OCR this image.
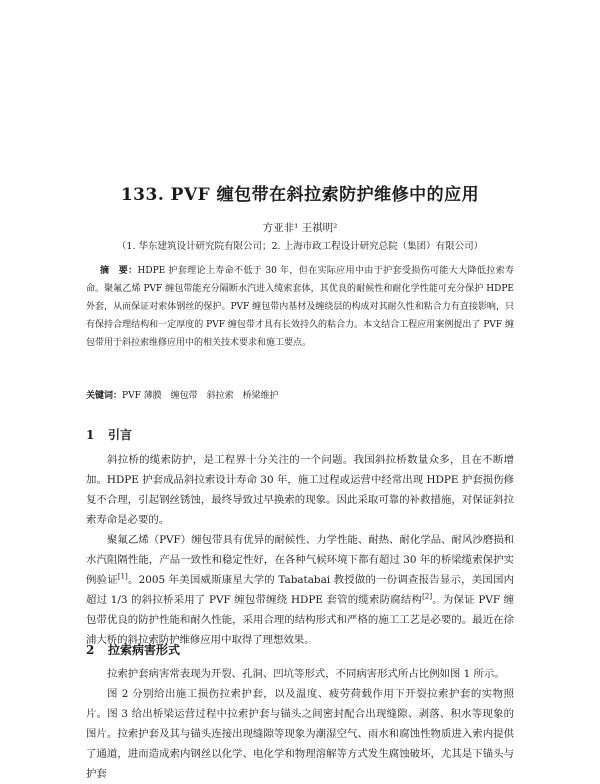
133. PVF 缠包带在斜拉索防护维修中的应用
方亚非¹ 王祺明²
（1. 华东建筑设计研究院有限公司；2. 上海市政工程设计研究总院（集团）有限公司）
摘　要：HDPE 护套理论上寿命不低于 30 年，但在实际应用中由于护套受损伤可能大大降低拉索寿命。聚氟乙烯 PVF 缠包带能充分隔断水汽进入缆索套体，其优良的耐候性和耐化学性能可充分保护 HDPE 外套，从而保证对索体钢丝的保护。PVF 缠包带内基材及缠绕层的构成对其耐久性和粘合力有直接影响，只有保持合理结构和一定厚度的 PVF 缠包带才具有长效持久的粘合力。本文结合工程应用案例提出了 PVF 缠包带用于斜拉索维修应用中的相关技术要求和施工要点。
关键词：PVF 薄膜　缠包带　斜拉索　桥梁维护
1 引言

斜拉桥的缆索防护，是工程界十分关注的一个问题。我国斜拉桥数量众多，且在不断增加。HDPE 护套成品斜拉索设计寿命 30 年，施工过程或运营中经常出现 HDPE 护套损伤修复不合理，引起钢丝锈蚀，最终导致过早换索的现象。因此采取可靠的补救措施，对保证斜拉索寿命是必要的。

聚氟乙烯（PVF）缠包带具有优异的耐候性、力学性能、耐热、耐化学品、耐风沙磨损和水汽阻隔性能，产品一致性和稳定性好，在各种气候环境下都有超过 30 年的桥梁缆索保护实例验证[1]。2005 年美国威斯康星大学的 Tabatabai 教授做的一份调查报告显示，美国国内超过 1/3 的斜拉桥采用了 PVF 缠包带缠绕 HDPE 套管的缆索防腐结构[2]。为保证 PVF 缠包带优良的防护性能和耐久性能，采用合理的结构形式和严格的施工工艺是必要的。最近在徐浦大桥的斜拉索防护维修应用中取得了理想效果。

2 拉索病害形式

拉索护套病害常表现为开裂、孔洞、凹坑等形式，不同病害形式所占比例如图 1 所示。

图 2 分别给出施工损伤拉索护套，以及温度、疲劳荷载作用下开裂拉索护套的实物照片。图 3 给出桥梁运营过程中拉索护套与锚头之间密封配合出现缝隙、剥落、积水等现象的图片。拉索护套及其与锚头连接出现缝隙等现象为潮湿空气、雨水和腐蚀性物质进入索内提供了通道，进而造成索内钢丝以化学、电化学和物理溶解等方式发生腐蚀破坏，尤其是下锚头与护套
